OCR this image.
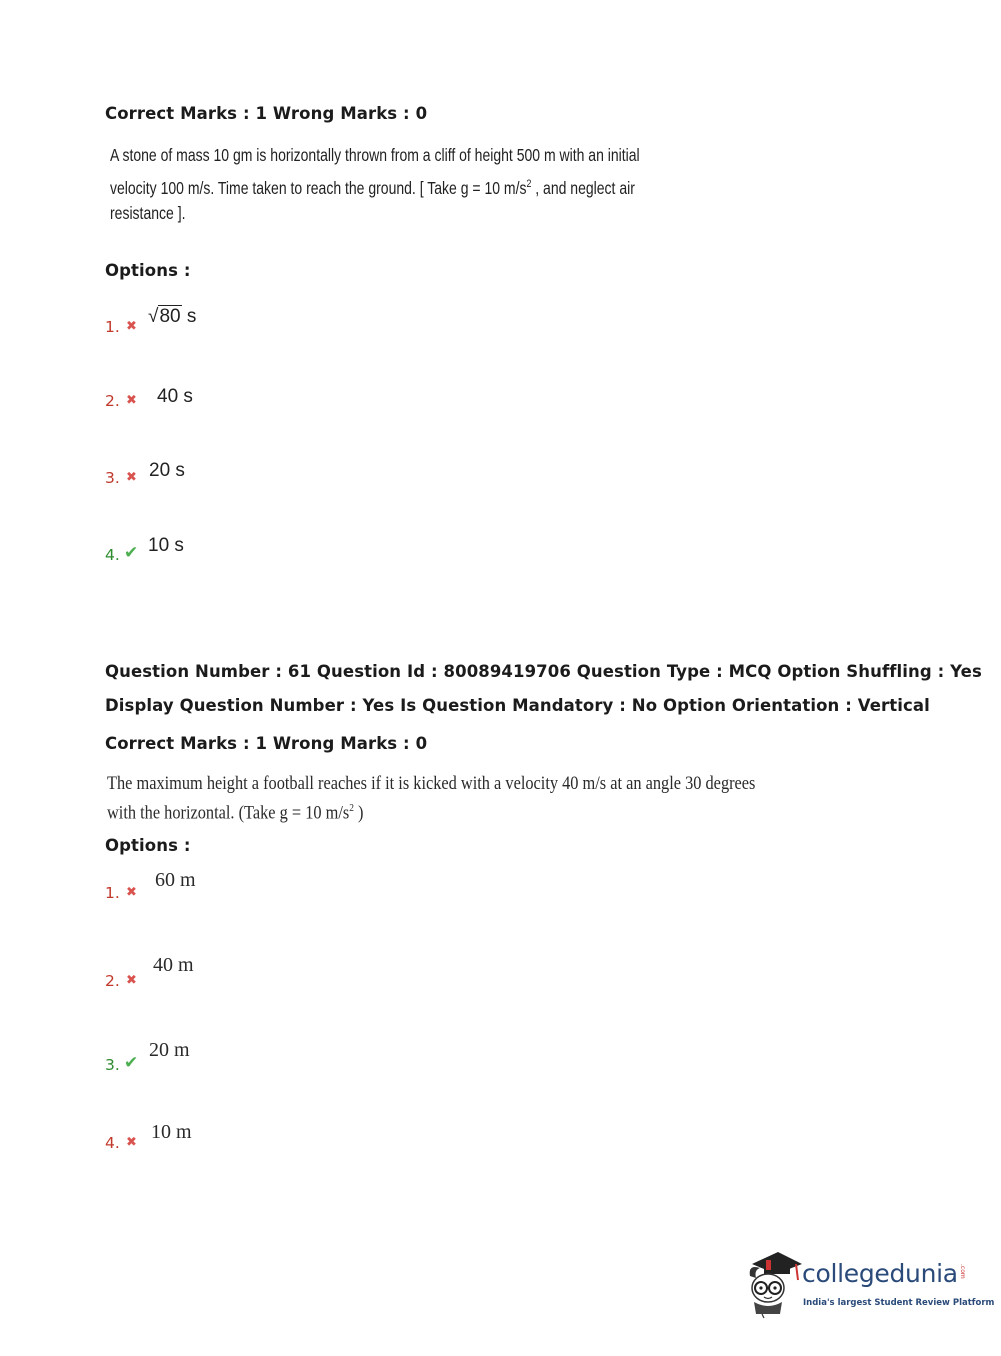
Correct Marks : 1 Wrong Marks : 0
A stone of mass 10 gm is horizontally thrown from a cliff of height 500 m with an initial
velocity 100 m/s. Time taken to reach the ground. [ Take g = 10 $m/s^2$ , and neglect air
resistance ].
Options :
1. ✖ √80 s
2. ✖ 40 s
3. ✖ 20 s
4. ✔ 10 s
Question Number : 61 Question Id : 80089419706 Question Type : MCQ Option Shuffling : Yes
Display Question Number : Yes Is Question Mandatory : No Option Orientation : Vertical
Correct Marks : 1 Wrong Marks : 0
The maximum height a football reaches if it is kicked with a velocity 40 m/s at an angle 30 degrees
with the horizontal. (Take g = 10 $m/s^2$ )
Options :
1. ✖
60 m
2. ✖
40 m
3. ✔
20 m
4. ✖ 10 m
collegedunia .com
India's largest Student Review Platform
